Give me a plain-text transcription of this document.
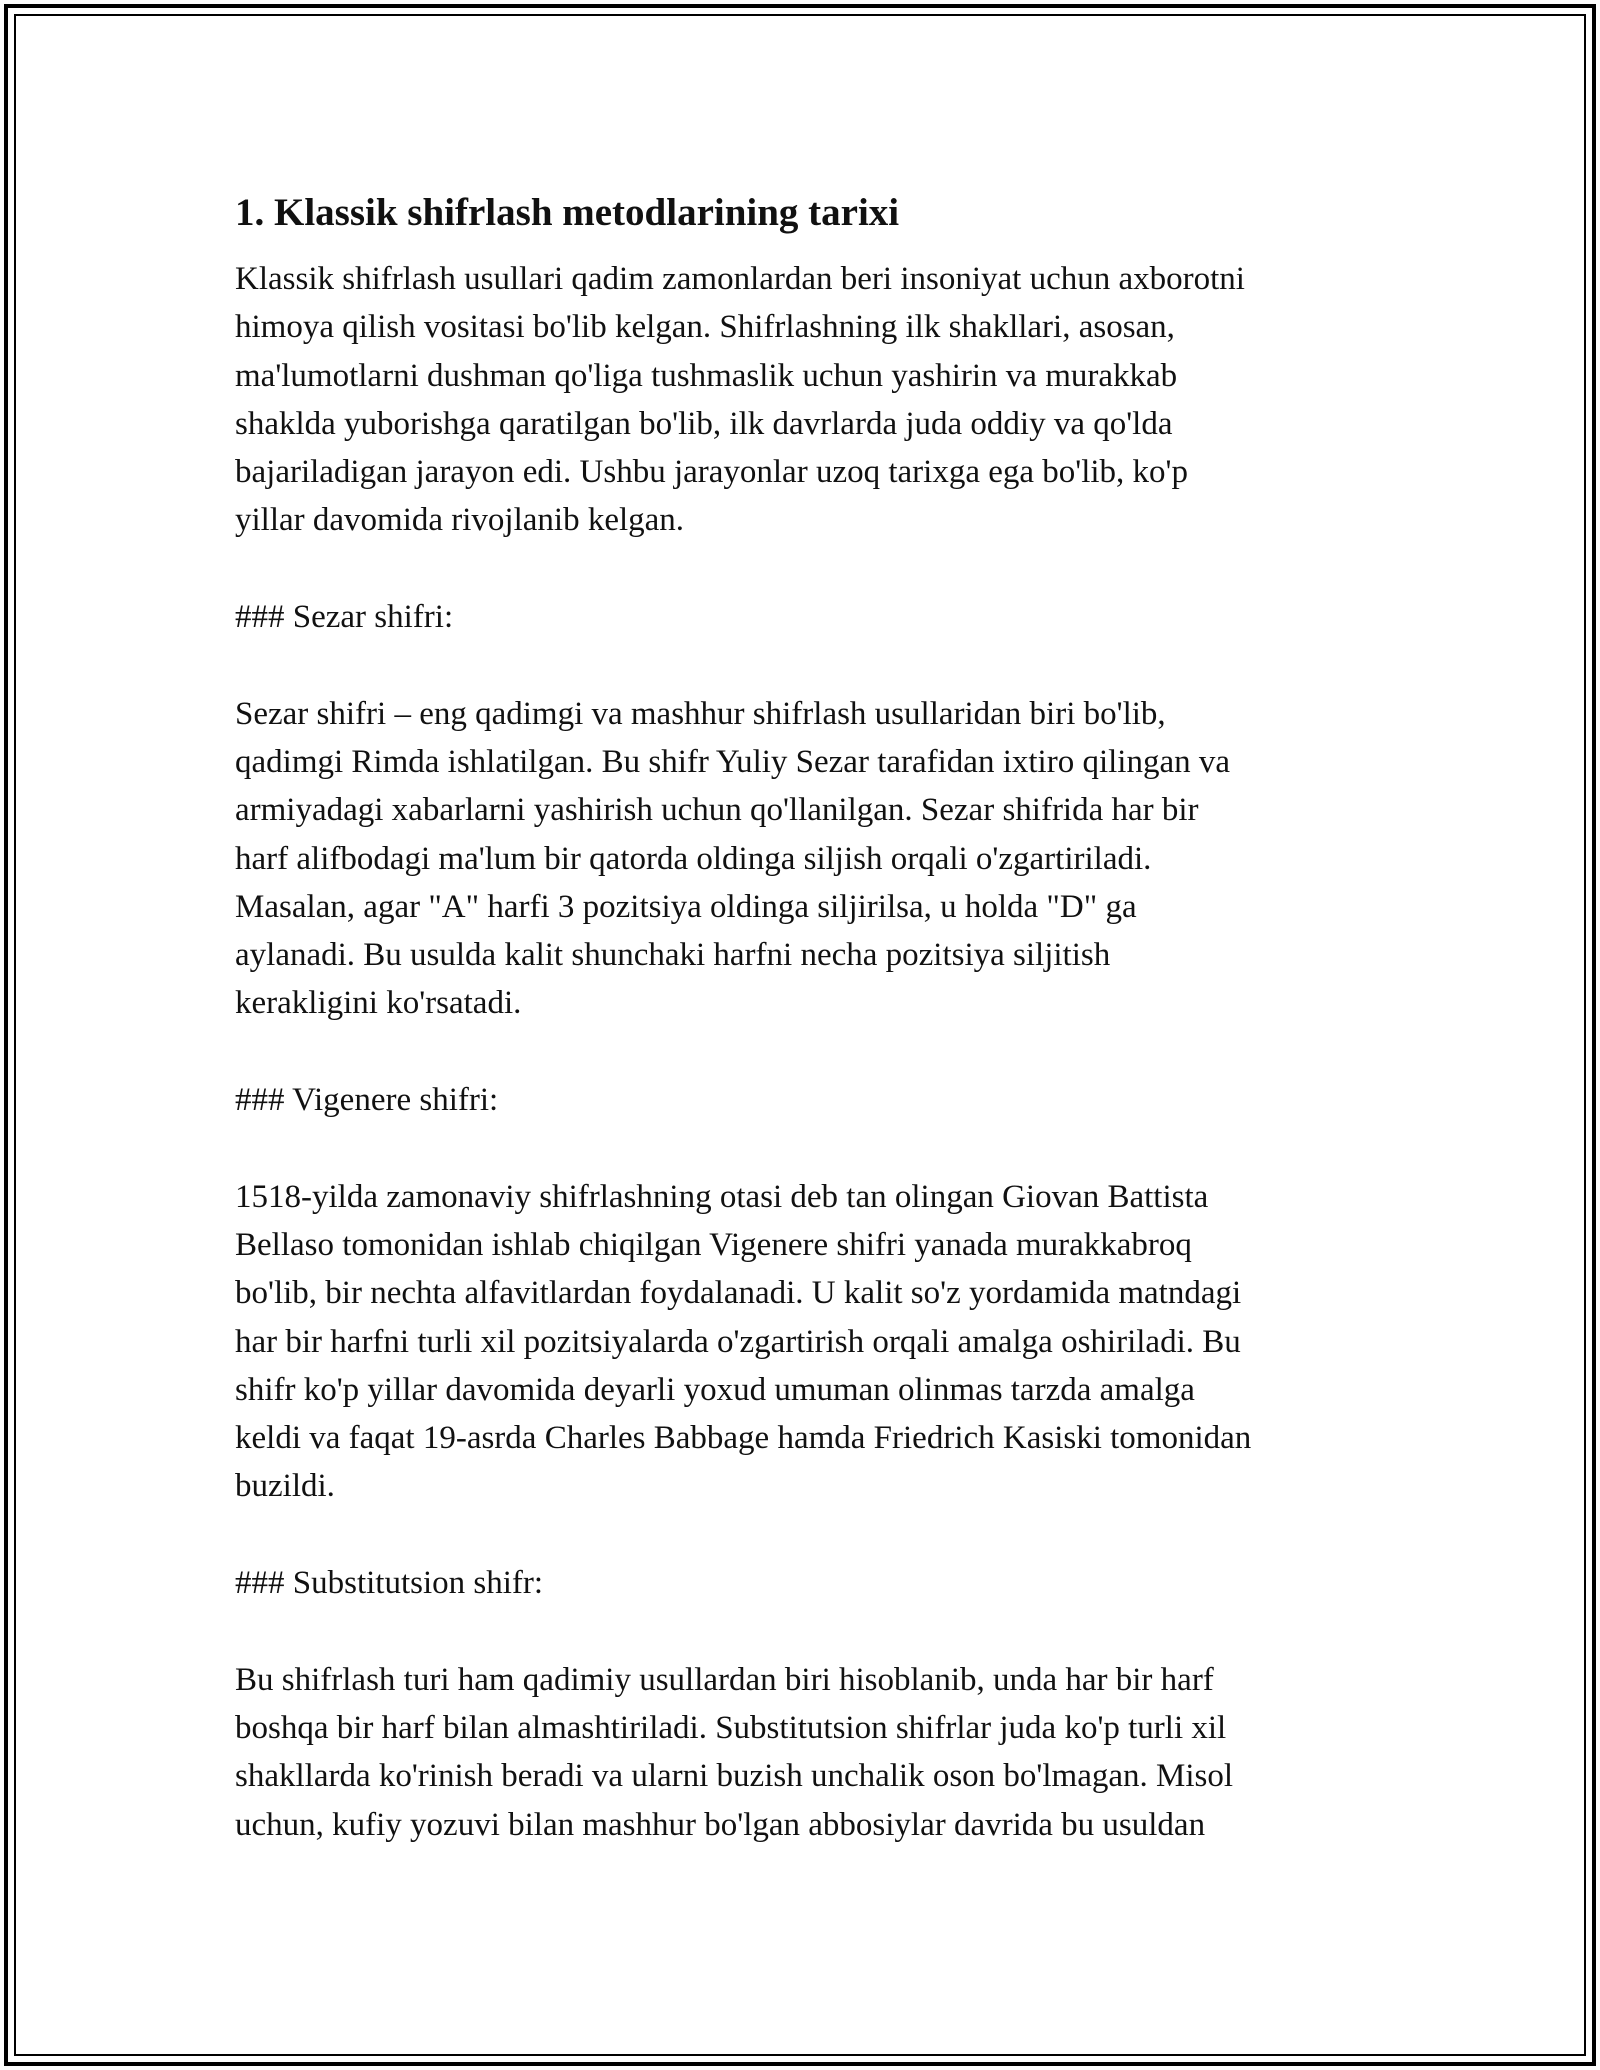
1. Klassik shifrlash metodlarining tarixi

Klassik shifrlash usullari qadim zamonlardan beri insoniyat uchun axborotni
himoya qilish vositasi bo'lib kelgan. Shifrlashning ilk shakllari, asosan,
ma'lumotlarni dushman qo'liga tushmaslik uchun yashirin va murakkab
shaklda yuborishga qaratilgan bo'lib, ilk davrlarda juda oddiy va qo'lda
bajariladigan jarayon edi. Ushbu jarayonlar uzoq tarixga ega bo'lib, ko'p
yillar davomida rivojlanib kelgan.

### Sezar shifri:

Sezar shifri – eng qadimgi va mashhur shifrlash usullaridan biri bo'lib,
qadimgi Rimda ishlatilgan. Bu shifr Yuliy Sezar tarafidan ixtiro qilingan va
armiyadagi xabarlarni yashirish uchun qo'llanilgan. Sezar shifrida har bir
harf alifbodagi ma'lum bir qatorda oldinga siljish orqali o'zgartiriladi.
Masalan, agar "A" harfi 3 pozitsiya oldinga siljirilsa, u holda "D" ga
aylanadi. Bu usulda kalit shunchaki harfni necha pozitsiya siljitish
kerakligini ko'rsatadi.

### Vigenere shifri:

1518-yilda zamonaviy shifrlashning otasi deb tan olingan Giovan Battista
Bellaso tomonidan ishlab chiqilgan Vigenere shifri yanada murakkabroq
bo'lib, bir nechta alfavitlardan foydalanadi. U kalit so'z yordamida matndagi
har bir harfni turli xil pozitsiyalarda o'zgartirish orqali amalga oshiriladi. Bu
shifr ko'p yillar davomida deyarli yoxud umuman olinmas tarzda amalga
keldi va faqat 19-asrda Charles Babbage hamda Friedrich Kasiski tomonidan
buzildi.

### Substitutsion shifr:

Bu shifrlash turi ham qadimiy usullardan biri hisoblanib, unda har bir harf
boshqa bir harf bilan almashtiriladi. Substitutsion shifrlar juda ko'p turli xil
shakllarda ko'rinish beradi va ularni buzish unchalik oson bo'lmagan. Misol
uchun, kufiy yozuvi bilan mashhur bo'lgan abbosiylar davrida bu usuldan
